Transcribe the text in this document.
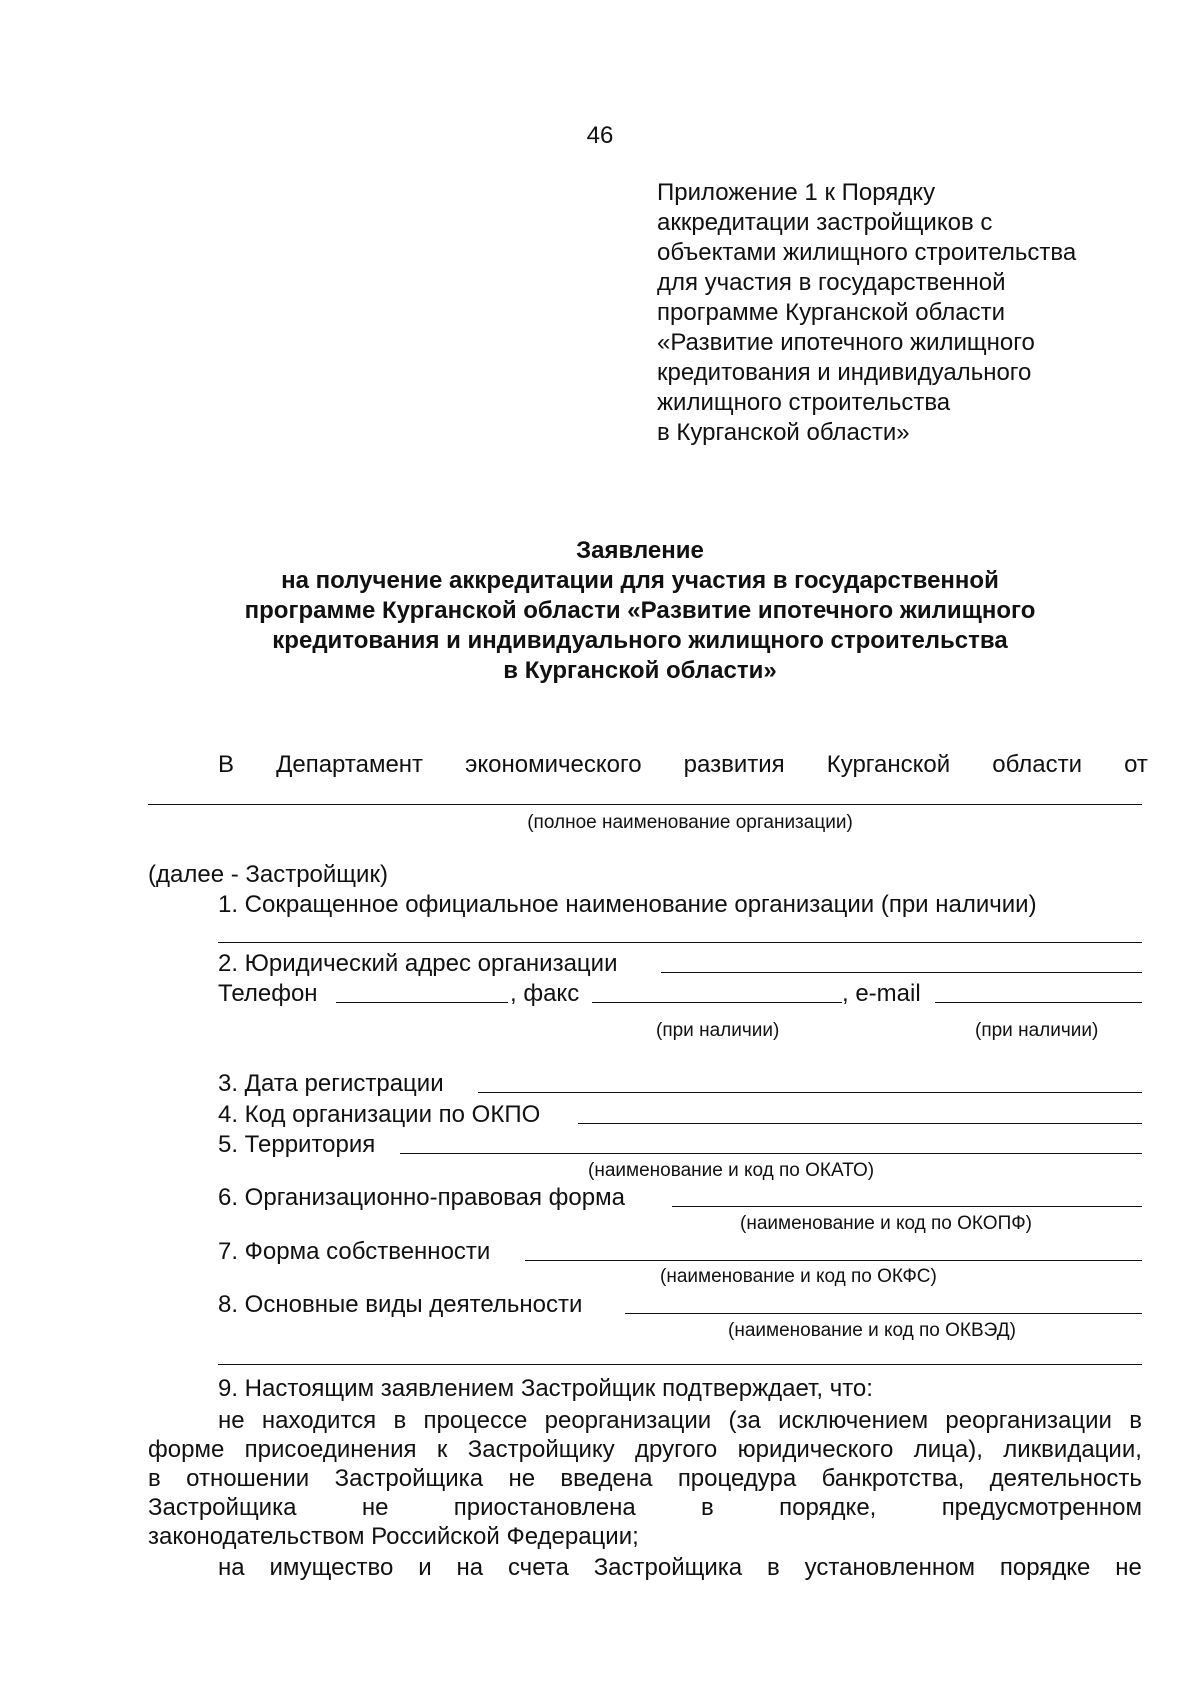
46
Приложение 1 к Порядку
аккредитации застройщиков с
объектами жилищного строительства
для участия в государственной
программе Курганской области
«Развитие ипотечного жилищного
кредитования и индивидуального
жилищного строительства
в Курганской области»
Заявление
на получение аккредитации для участия в государственной
программе Курганской области «Развитие ипотечного жилищного
кредитования и индивидуального жилищного строительства
в Курганской области»
В Департамент экономического развития Курганской области от
(полное наименование организации)
(далее - Застройщик)
1. Сокращенное официальное наименование организации (при наличии)
2. Юридический адрес организации
Телефон	, факс	, e-mail
(при наличии)	(при наличии)
3. Дата регистрации
4. Код организации по ОКПО
5. Территория
(наименование и код по ОКАТО)
6. Организационно-правовая форма
(наименование и код по ОКОПФ)
7. Форма собственности
(наименование и код по ОКФС)
8. Основные виды деятельности
(наименование и код по ОКВЭД)
9. Настоящим заявлением Застройщик подтверждает, что:
не находится в процессе реорганизации (за исключением реорганизации в
форме присоединения к Застройщику другого юридического лица), ликвидации,
в отношении Застройщика не введена процедура банкротства, деятельность
Застройщика	не	приостановлена	в	порядке,	предусмотренном
законодательством Российской Федерации;
на имущество и на счета Застройщика в установленном порядке не
